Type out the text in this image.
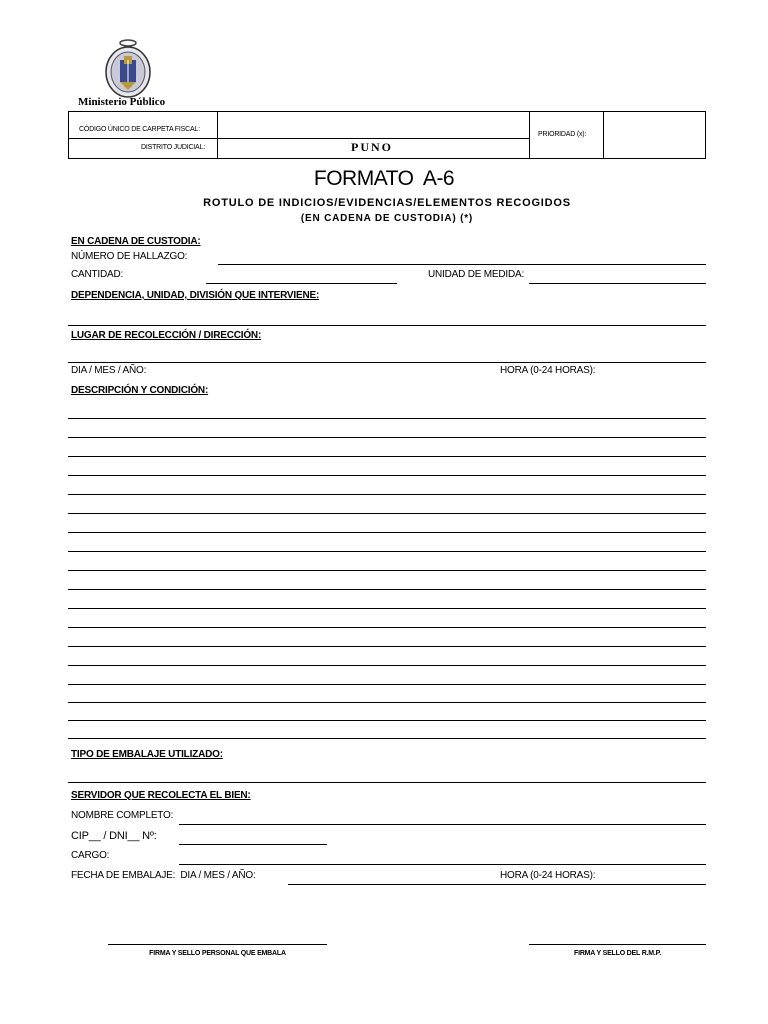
Ministerio Público
CÓDIGO ÚNICO DE CARPETA FISCAL:
DISTRITO JUDICIAL:	PUNO
PRIORIDAD (x):
FORMATO  A-6
ROTULO DE INDICIOS/EVIDENCIAS/ELEMENTOS RECOGIDOS
(EN CADENA DE CUSTODIA) (*)
EN CADENA DE CUSTODIA:
NÚMERO DE HALLAZGO:
CANTIDAD:	UNIDAD DE MEDIDA:
DEPENDENCIA, UNIDAD, DIVISIÓN QUE INTERVIENE:
LUGAR DE RECOLECCIÓN / DIRECCIÓN:
DIA / MES / AÑO:	HORA (0-24 HORAS):
DESCRIPCIÓN Y CONDICIÓN:
TIPO DE EMBALAJE UTILIZADO:
SERVIDOR QUE RECOLECTA EL BIEN:
NOMBRE COMPLETO:
CIP__ / DNI__ Nº:
CARGO:
FECHA DE EMBALAJE:  DIA / MES / AÑO:	HORA (0-24 HORAS):
FIRMA Y SELLO PERSONAL QUE EMBALA	FIRMA Y SELLO DEL R.M.P.
